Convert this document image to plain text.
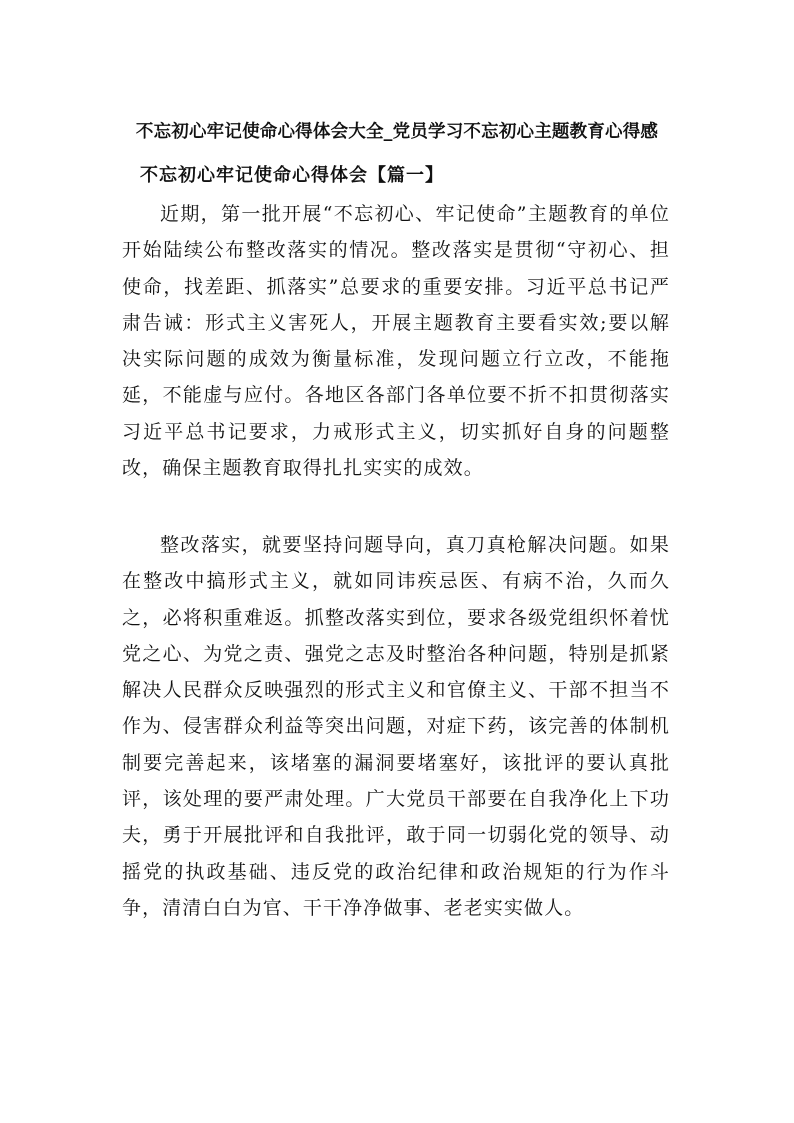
不忘初心牢记使命心得体会大全_党员学习不忘初心主题教育心得感
不忘初心牢记使命心得体会【篇一】

近期，第一批开展“不忘初心、牢记使命”主题教育的单位开始陆续公布整改落实的情况。整改落实是贯彻“守初心、担使命，找差距、抓落实”总要求的重要安排。习近平总书记严肃告诫：形式主义害死人，开展主题教育主要看实效;要以解决实际问题的成效为衡量标准，发现问题立行立改，不能拖延，不能虚与应付。各地区各部门各单位要不折不扣贯彻落实习近平总书记要求，力戒形式主义，切实抓好自身的问题整改，确保主题教育取得扎扎实实的成效。

整改落实，就要坚持问题导向，真刀真枪解决问题。如果在整改中搞形式主义，就如同讳疾忌医、有病不治，久而久之，必将积重难返。抓整改落实到位，要求各级党组织怀着忧党之心、为党之责、强党之志及时整治各种问题，特别是抓紧解决人民群众反映强烈的形式主义和官僚主义、干部不担当不作为、侵害群众利益等突出问题，对症下药，该完善的体制机制要完善起来，该堵塞的漏洞要堵塞好，该批评的要认真批评，该处理的要严肃处理。广大党员干部要在自我净化上下功夫，勇于开展批评和自我批评，敢于同一切弱化党的领导、动摇党的执政基础、违反党的政治纪律和政治规矩的行为作斗争，清清白白为官、干干净净做事、老老实实做人。
